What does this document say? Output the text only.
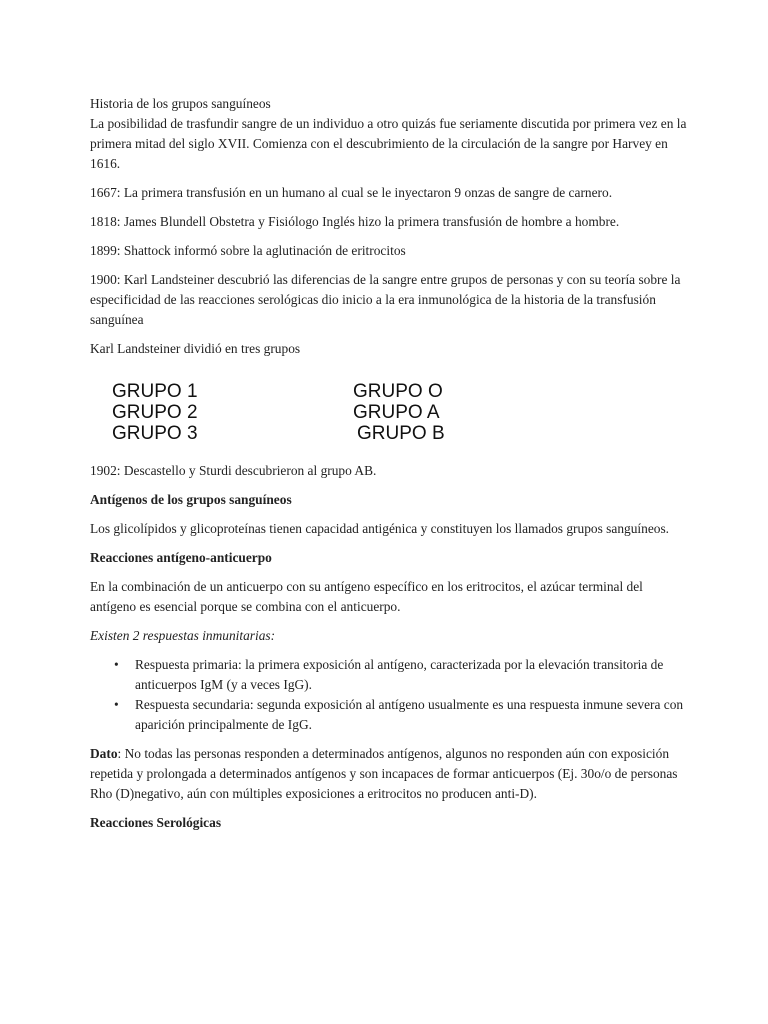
Historia de los grupos sanguíneos
La posibilidad de trasfundir sangre de un individuo a otro quizás fue seriamente discutida por primera vez en la primera mitad del siglo XVII. Comienza con el descubrimiento de la circulación de la sangre por Harvey en 1616.
1667: La primera transfusión en un humano al cual se le inyectaron 9 onzas de sangre de carnero.
1818: James Blundell Obstetra y Fisiólogo Inglés hizo la primera transfusión de hombre a hombre.
1899: Shattock informó sobre la aglutinación de eritrocitos
1900: Karl Landsteiner descubrió las diferencias de la sangre entre grupos de personas y con su teoría sobre la especificidad de las reacciones serológicas dio inicio a la era inmunológica de la historia de la transfusión sanguínea
Karl Landsteiner dividió en tres grupos
GRUPO 1
GRUPO 2
GRUPO 3
GRUPO O
GRUPO A
GRUPO B
1902: Descastello y Sturdi descubrieron al grupo AB.
Antígenos de los grupos sanguíneos
Los glicolípidos y glicoproteínas tienen capacidad antigénica y constituyen los llamados grupos sanguíneos.
Reacciones antígeno-anticuerpo
En la combinación de un anticuerpo con su antígeno específico en los eritrocitos, el azúcar terminal del antígeno es esencial porque se combina con el anticuerpo.
Existen 2 respuestas inmunitarias:
• Respuesta primaria: la primera exposición al antígeno, caracterizada por la elevación transitoria de anticuerpos IgM (y a veces IgG).
• Respuesta secundaria: segunda exposición al antígeno usualmente es una respuesta inmune severa con aparición principalmente de IgG.
Dato: No todas las personas responden a determinados antígenos, algunos no responden aún con exposición repetida y prolongada a determinados antígenos y son incapaces de formar anticuerpos (Ej. 30o/o de personas Rho (D)negativo, aún con múltiples exposiciones a eritrocitos no producen anti-D).
Reacciones Serológicas
